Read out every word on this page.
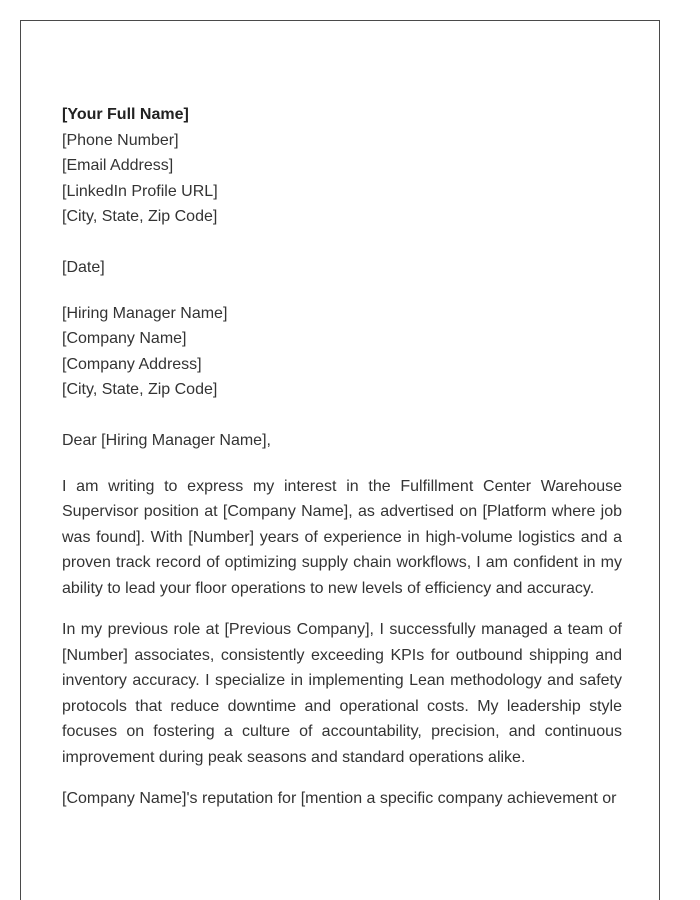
[Your Full Name]
[Phone Number]
[Email Address]
[LinkedIn Profile URL]
[City, State, Zip Code]
[Date]
[Hiring Manager Name]
[Company Name]
[Company Address]
[City, State, Zip Code]
Dear [Hiring Manager Name],

I am writing to express my interest in the Fulfillment Center Warehouse Supervisor position at [Company Name], as advertised on [Platform where job was found]. With [Number] years of experience in high-volume logistics and a proven track record of optimizing supply chain workflows, I am confident in my ability to lead your floor operations to new levels of efficiency and accuracy.

In my previous role at [Previous Company], I successfully managed a team of [Number] associates, consistently exceeding KPIs for outbound shipping and inventory accuracy. I specialize in implementing Lean methodology and safety protocols that reduce downtime and operational costs. My leadership style focuses on fostering a culture of accountability, precision, and continuous improvement during peak seasons and standard operations alike.

[Company Name]'s reputation for [mention a specific company achievement or
